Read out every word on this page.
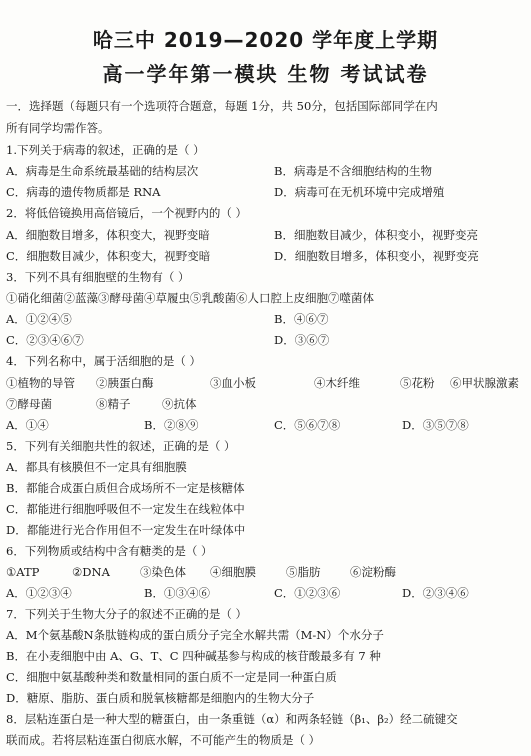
哈三中 2019—2020 学年度上学期
高一学年第一模块 生物 考试试卷
一．选择题（每题只有一个选项符合题意，每题 1分，共 50分，包括国际部同学在内
所有同学均需作答。
1.下列关于病毒的叙述，正确的是（ ）
A．病毒是生命系统最基础的结构层次	B．病毒是不含细胞结构的生物
C．病毒的遗传物质都是 RNA	D．病毒可在无机环境中完成增殖
2．将低倍镜换用高倍镜后，一个视野内的（ ）
A．细胞数目增多，体积变大，视野变暗	B．细胞数目减少，体积变小，视野变亮
C．细胞数目减少，体积变大，视野变暗	D．细胞数目增多，体积变小，视野变亮
3．下列不具有细胞壁的生物有（ ）
①硝化细菌②蓝藻③酵母菌④草履虫⑤乳酸菌⑥人口腔上皮细胞⑦噬菌体
A．①②④⑤	B．④⑥⑦
C．②③④⑥⑦	D．③⑥⑦
4．下列名称中，属于活细胞的是（ ）
①植物的导管 ②胰蛋白酶	③血小板	④木纤维	⑤花粉 ⑥甲状腺激素
⑦酵母菌	⑧精子	⑨抗体
A．①④	B．②⑧⑨	C．⑤⑥⑦⑧	D．③⑤⑦⑧
5．下列有关细胞共性的叙述，正确的是（ ）
A．都具有核膜但不一定具有细胞膜
B．都能合成蛋白质但合成场所不一定是核糖体
C．都能进行细胞呼吸但不一定发生在线粒体中
D．都能进行光合作用但不一定发生在叶绿体中
6．下列物质或结构中含有糖类的是（ ）
①ATP	②DNA	③染色体 ④细胞膜	⑤脂肪	⑥淀粉酶
A．①②③④	B．①③④⑥	C．①②③⑥	D．②③④⑥
7．下列关于生物大分子的叙述不正确的是（ ）
A．M个氨基酸N条肽链构成的蛋白质分子完全水解共需（M-N）个水分子
B．在小麦细胞中由 A、G、T、C 四种碱基参与构成的核苷酸最多有 7 种
C．细胞中氨基酸种类和数量相同的蛋白质不一定是同一种蛋白质
D．糖原、脂肪、蛋白质和脱氧核糖都是细胞内的生物大分子
8．层粘连蛋白是一种大型的糖蛋白，由一条重链（α）和两条轻链（β₁、β₂）经二硫键交
联而成。若将层粘连蛋白彻底水解，不可能产生的物质是（ ）
